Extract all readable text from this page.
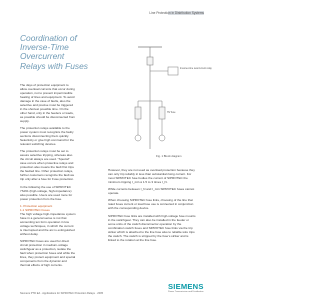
Line Protection in Distribution Systems
Coordination of Inverse-Time Overcurrent Relays with Fuses

The days of protection equipment to allow overload currents that occur during operation, not to prevent impermissible heating of lines and equipment. To avoid damage in the case of faults, also the selective and precise must be triggered in the shortest possible time. On the other hand, only in the feeders or loads, as possible should be disconnected from supply.

The protection relays available to the power system must recognize the faulty sections disconnecting them quickly. Selectivity or give high command for the relevant switching devices.

The protection relays must be set to assure selective tripping, whereas also the circuit always are used. "Special" case occurs when protective relays and protection also means the fault first trips the faulted line. Other protection relays, further customers recognize the fault we trip only after a fuse for Fuse protection.

In the following the use of SIPROTEC 7SJ61 (high-voltage, high-impedance) also possible. Users are used more for power protection from the fuse.

1. Protection equipment
1.1 SIPROTEC Fuses

The high voltage high-impedance system have in a general sense is not that accounting ten form operation in low voltage techniques, in which the current is interrupted and the arc is extinguished without delay.

SIPROTEC fuses are used for direct circuit protection in medium-voltage switchgear as a protection, isolate the fault when protection fuses and while the lines, they protect equipment and special components from the dynamic and thermal effects of high currents.

Inverse-time overcurrent relay
HV fuse
Fig. 1 Block diagram

However, they are not used as overload protection because they can only trip reliably in less than substantial rising current. For most SIPROTEC fuse bodies the current of SIPROTEC the minimum tripping I_min ≥ 1.5 to 3 times I_N.

While currents between I_N and I_min SIPROTEC fuses cannot operate.

When choosing SIPROTEC fuse links, choosing of the line that rated fuses current or load fuse use is connected in conjunction with the corresponding device.

SIPROTEC fuse links are installed with high-voltage fuse mounts in the switchgear. They can also be installed in the feeder or some units of the switch disconnector operation by the combination switch fuses and SIPROTEC fuse links via the trip striker which is attached to the line fuse also to reliable wire trips the switch. The switch is stripped by the fuse's striker and is linked to the rotation at the line fuse.

Siemens PTD EA · Applications for SIPROTEC Protection Relays · 2005
SIEMENS
Power Transmission and Distribution
